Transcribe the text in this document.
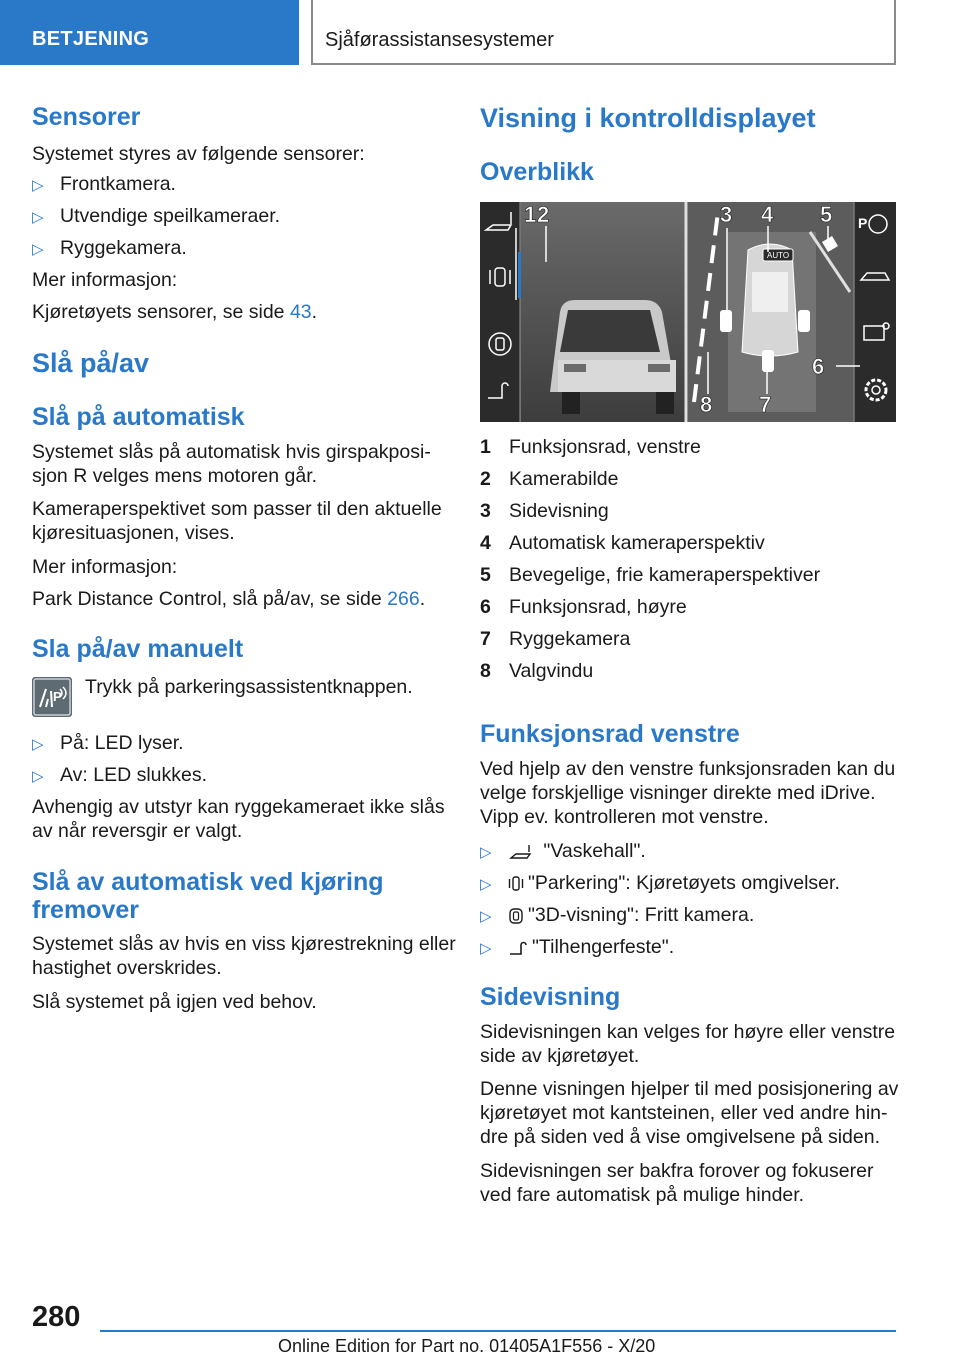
BETJENING	Sjåførassistansesystemer
Sensorer
Systemet styres av følgende sensorer:
▷ Frontkamera.
▷ Utvendige speilkameraer.
▷ Ryggekamera.
Mer informasjon:
Kjøretøyets sensorer, se side 43.
Slå på/av
Slå på automatisk
Systemet slås på automatisk hvis girspakposi-
sjon R velges mens motoren går.
Kameraperspektivet som passer til den aktuelle
kjøresituasjonen, vises.
Mer informasjon:
Park Distance Control, slå på/av, se side 266.
Sla på/av manuelt
P Trykk på parkeringsassistentknappen.
▷ På: LED lyser.
▷ Av: LED slukkes.
Avhengig av utstyr kan ryggekameraet ikke slås
av når reversgir er valgt.
Slå av automatisk ved kjøring
fremover
Systemet slås av hvis en viss kjørestrekning eller
hastighet overskrides.
Slå systemet på igjen ved behov.
Visning i kontrolldisplayet
Overblikk
AUTO
P
1 2	3 4 5
6
7
8
1 Funksjonsrad, venstre
2 Kamerabilde
3 Sidevisning
4 Automatisk kameraperspektiv
5 Bevegelige, frie kameraperspektiver
6 Funksjonsrad, høyre
7 Ryggekamera
8 Valgvindu
Funksjonsrad venstre
Ved hjelp av den venstre funksjonsraden kan du
velge forskjellige visninger direkte med iDrive.
Vipp ev. kontrolleren mot venstre.
▷	"Vaskehall".
▷ "Parkering": Kjøretøyets omgivelser.
▷ "3D-visning": Fritt kamera.
▷ "Tilhengerfeste".
Sidevisning
Sidevisningen kan velges for høyre eller venstre
side av kjøretøyet.
Denne visningen hjelper til med posisjonering av
kjøretøyet mot kantsteinen, eller ved andre hin-
dre på siden ved å vise omgivelsene på siden.
Sidevisningen ser bakfra forover og fokuserer
ved fare automatisk på mulige hinder.
280
Online Edition for Part no. 01405A1F556 - X/20
